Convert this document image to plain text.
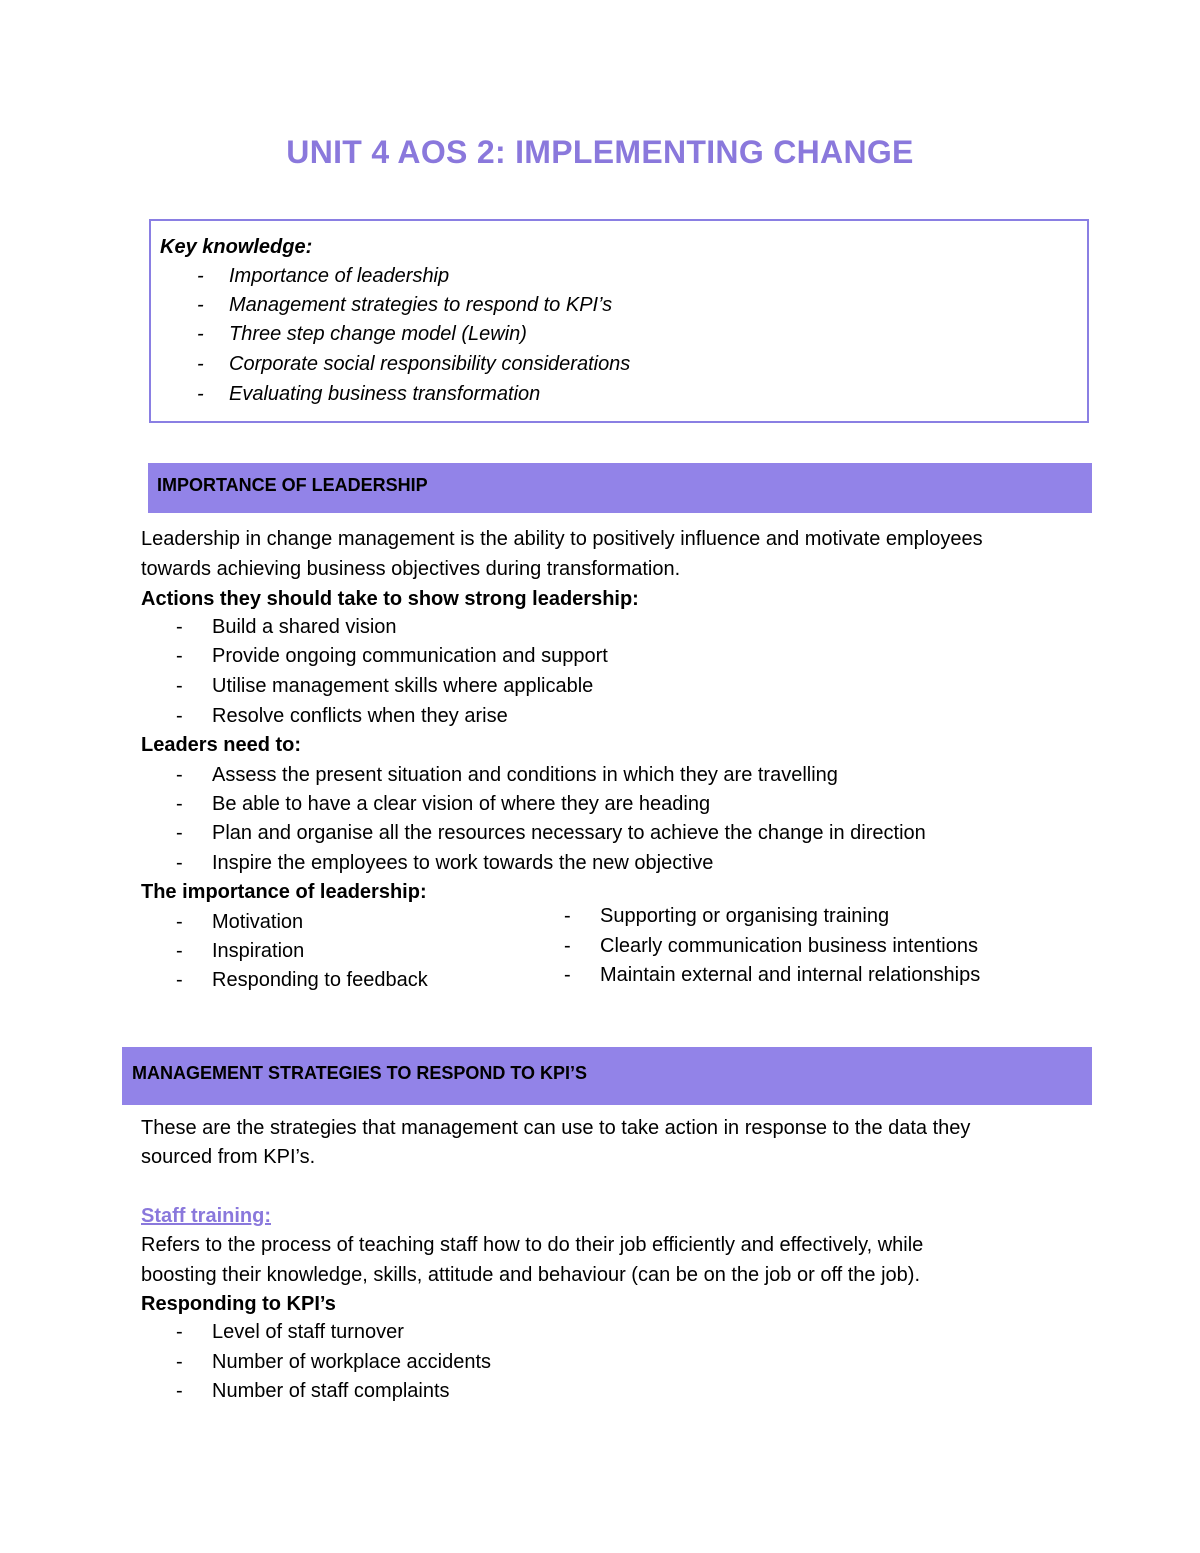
UNIT 4 AOS 2: IMPLEMENTING CHANGE
Key knowledge:
- Importance of leadership
- Management strategies to respond to KPI’s
- Three step change model (Lewin)
- Corporate social responsibility considerations
- Evaluating business transformation
IMPORTANCE OF LEADERSHIP
Leadership in change management is the ability to positively influence and motivate employees
towards achieving business objectives during transformation.
Actions they should take to show strong leadership:
- Build a shared vision
- Provide ongoing communication and support
- Utilise management skills where applicable
- Resolve conflicts when they arise
Leaders need to:
- Assess the present situation and conditions in which they are travelling
- Be able to have a clear vision of where they are heading
- Plan and organise all the resources necessary to achieve the change in direction
- Inspire the employees to work towards the new objective
The importance of leadership:
- Motivation
- Inspiration
- Responding to feedback
- Supporting or organising training
- Clearly communication business intentions
- Maintain external and internal relationships
MANAGEMENT STRATEGIES TO RESPOND TO KPI’S
These are the strategies that management can use to take action in response to the data they
sourced from KPI’s.
Staff training:
Refers to the process of teaching staff how to do their job efficiently and effectively, while
boosting their knowledge, skills, attitude and behaviour (can be on the job or off the job).
Responding to KPI’s
- Level of staff turnover
- Number of workplace accidents
- Number of staff complaints
